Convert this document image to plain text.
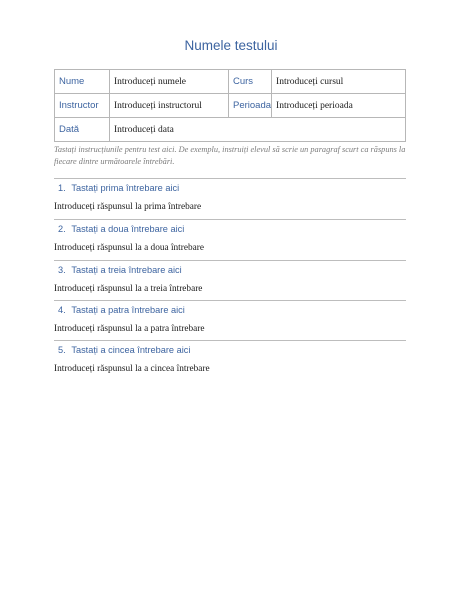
Numele testului
Nume	Introduceți numele	Curs	Introduceți cursul
Instructor	Introduceți instructorul	Perioada	Introduceți perioada
Dată	Introduceți data		
Tastați instrucțiunile pentru test aici. De exemplu, instruiți elevul să scrie un paragraf scurt ca răspuns la fiecare dintre următoarele întrebări.
1. Tastați prima întrebare aici
Introduceți răspunsul la prima întrebare
2. Tastați a doua întrebare aici
Introduceți răspunsul la a doua întrebare
3. Tastați a treia întrebare aici
Introduceți răspunsul la a treia întrebare
4. Tastați a patra întrebare aici
Introduceți răspunsul la a patra întrebare
5. Tastați a cincea întrebare aici
Introduceți răspunsul la a cincea întrebare
